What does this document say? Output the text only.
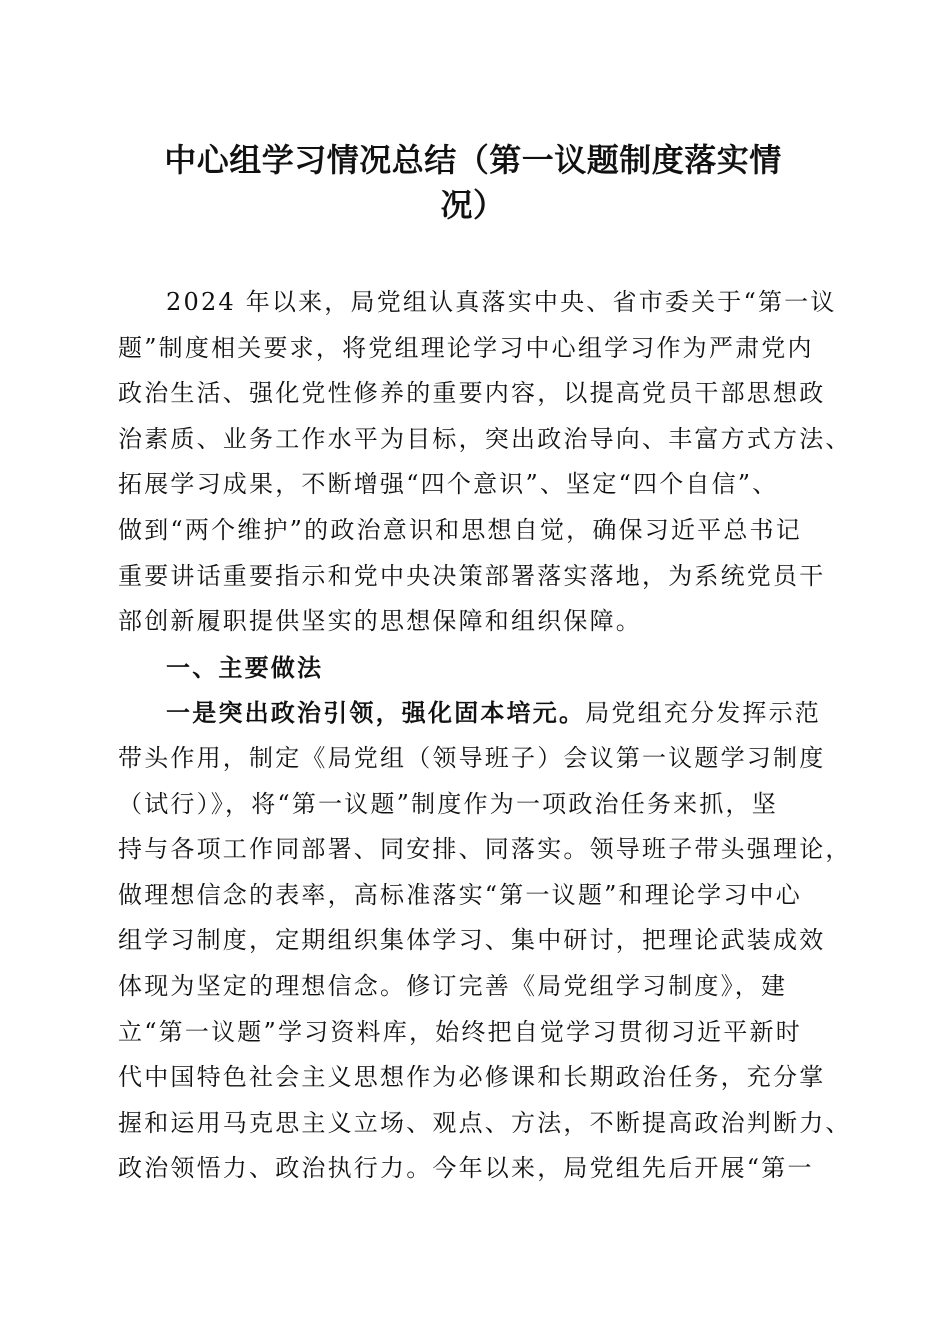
中心组学习情况总结（第一议题制度落实情
况）
2024 年以来，局党组认真落实中央、省市委关于“第一议
题”制度相关要求，将党组理论学习中心组学习作为严肃党内
政治生活、强化党性修养的重要内容，以提高党员干部思想政
治素质、业务工作水平为目标，突出政治导向、丰富方式方法、
拓展学习成果，不断增强“四个意识”、坚定“四个自信”、
做到“两个维护”的政治意识和思想自觉，确保习近平总书记
重要讲话重要指示和党中央决策部署落实落地，为系统党员干
部创新履职提供坚实的思想保障和组织保障。
一、主要做法
一是突出政治引领，强化固本培元。局党组充分发挥示范
带头作用，制定《局党组（领导班子）会议第一议题学习制度
（试行）》，将“第一议题”制度作为一项政治任务来抓，坚
持与各项工作同部署、同安排、同落实。领导班子带头强理论，
做理想信念的表率，高标准落实“第一议题”和理论学习中心
组学习制度，定期组织集体学习、集中研讨，把理论武装成效
体现为坚定的理想信念。修订完善《局党组学习制度》，建
立“第一议题”学习资料库，始终把自觉学习贯彻习近平新时
代中国特色社会主义思想作为必修课和长期政治任务，充分掌
握和运用马克思主义立场、观点、方法，不断提高政治判断力、
政治领悟力、政治执行力。今年以来，局党组先后开展“第一
